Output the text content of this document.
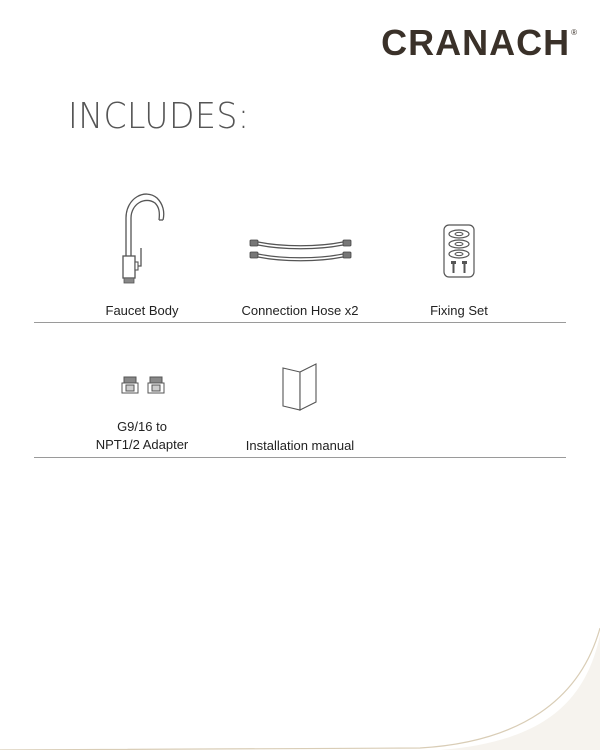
CRANACH®
INCLUDES:
Faucet Body	Connection Hose x2	Fixing Set
G9/16 to
NPT1/2 Adapter	Installation manual
